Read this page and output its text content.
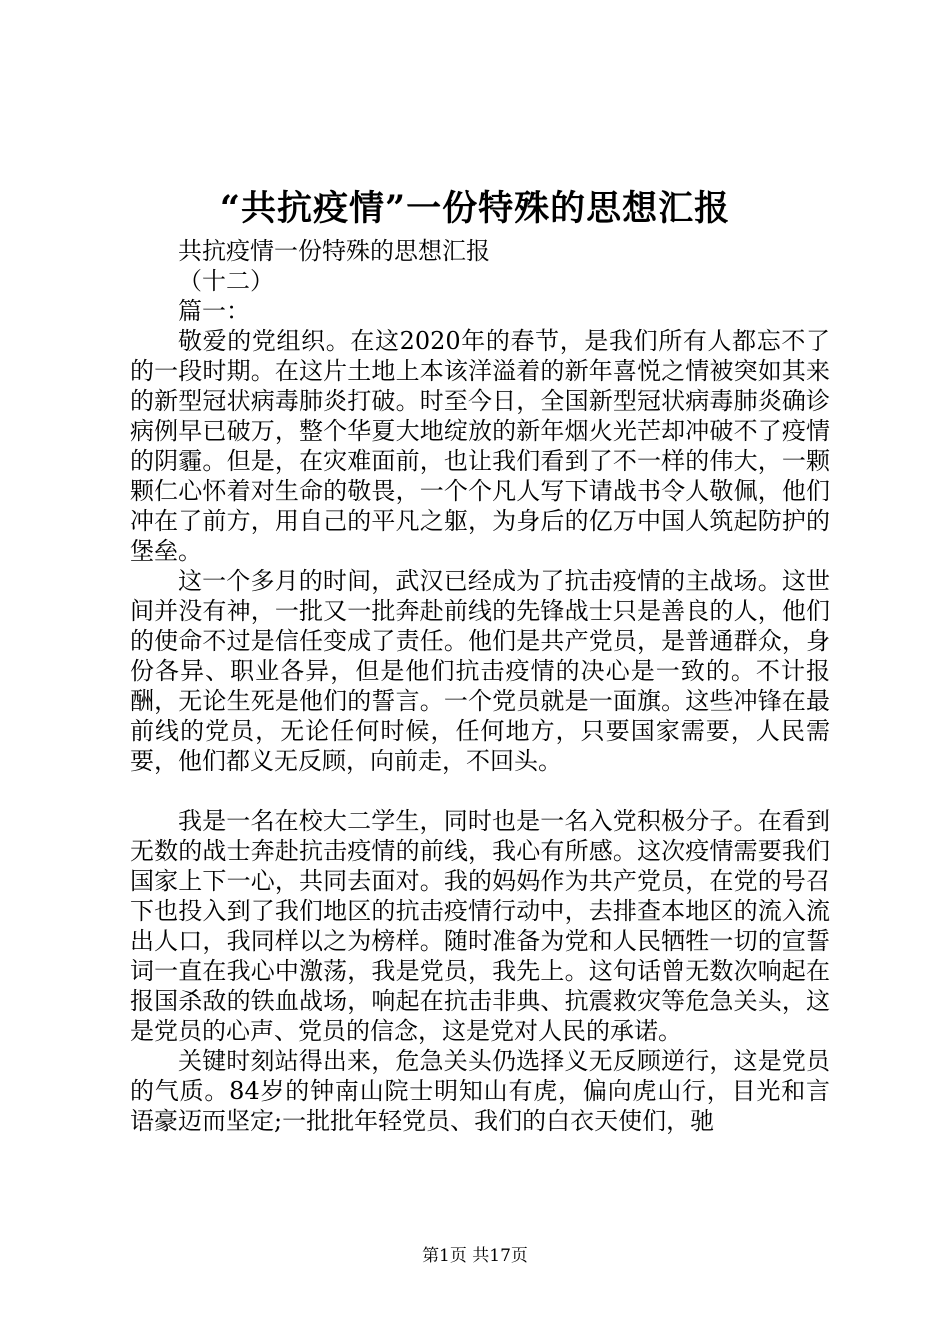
“共抗疫情”一份特殊的思想汇报

共抗疫情一份特殊的思想汇报

（十二）

篇一：

敬爱的党组织。在这2020年的春节，是我们所有人都忘不了的一段时期。在这片土地上本该洋溢着的新年喜悦之情被突如其来的新型冠状病毒肺炎打破。时至今日，全国新型冠状病毒肺炎确诊病例早已破万，整个华夏大地绽放的新年烟火光芒却冲破不了疫情的阴霾。但是，在灾难面前，也让我们看到了不一样的伟大，一颗颗仁心怀着对生命的敬畏，一个个凡人写下请战书令人敬佩，他们冲在了前方，用自己的平凡之躯，为身后的亿万中国人筑起防护的堡垒。

这一个多月的时间，武汉已经成为了抗击疫情的主战场。这世间并没有神，一批又一批奔赴前线的先锋战士只是善良的人，他们的使命不过是信任变成了责任。他们是共产党员，是普通群众，身份各异、职业各异，但是他们抗击疫情的决心是一致的。不计报酬，无论生死是他们的誓言。一个党员就是一面旗。这些冲锋在最前线的党员，无论任何时候，任何地方，只要国家需要，人民需要，他们都义无反顾，向前走，不回头。

我是一名在校大二学生，同时也是一名入党积极分子。在看到无数的战士奔赴抗击疫情的前线，我心有所感。这次疫情需要我们国家上下一心，共同去面对。我的妈妈作为共产党员，在党的号召下也投入到了我们地区的抗击疫情行动中，去排查本地区的流入流出人口，我同样以之为榜样。随时准备为党和人民牺牲一切的宣誓词一直在我心中激荡，我是党员，我先上。这句话曾无数次响起在报国杀敌的铁血战场，响起在抗击非典、抗震救灾等危急关头，这是党员的心声、党员的信念，这是党对人民的承诺。

关键时刻站得出来，危急关头仍选择义无反顾逆行，这是党员的气质。84岁的钟南山院士明知山有虎，偏向虎山行，目光和言语豪迈而坚定;一批批年轻党员、我们的白衣天使们，驰

第1页 共17页
